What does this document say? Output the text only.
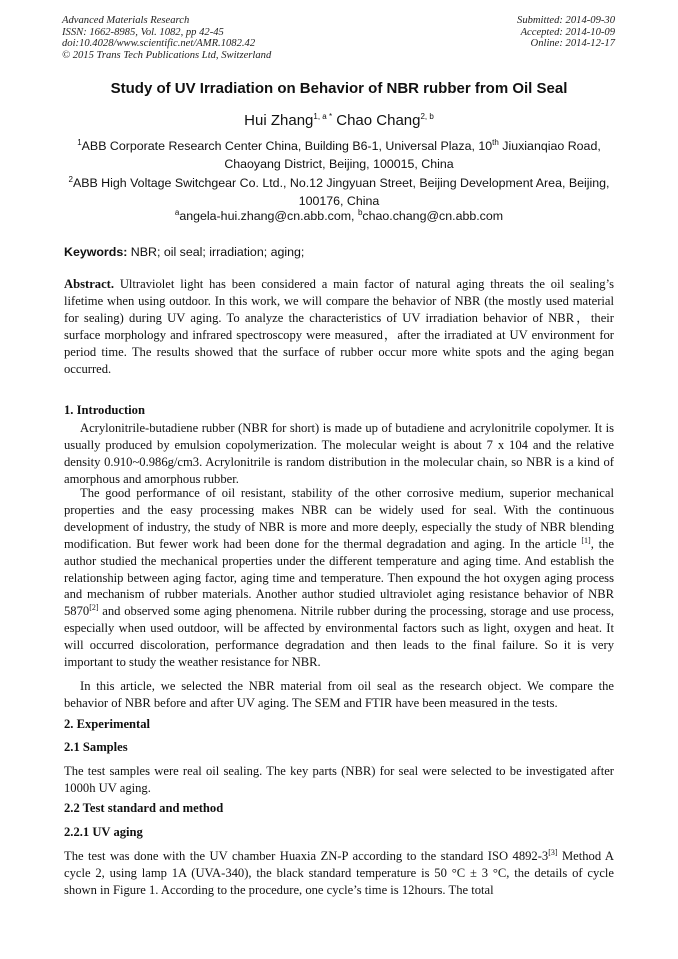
Advanced Materials Research
ISSN: 1662-8985, Vol. 1082, pp 42-45
doi:10.4028/www.scientific.net/AMR.1082.42
© 2015 Trans Tech Publications Ltd, Switzerland
Submitted: 2014-09-30
Accepted: 2014-10-09
Online: 2014-12-17
Study of UV Irradiation on Behavior of NBR rubber from Oil Seal
Hui Zhang$^{1, a *}$ Chao Chang$^{2, b}$
$^1$ABB Corporate Research Center China, Building B6-1, Universal Plaza, 10th Jiuxianqiao Road, Chaoyang District, Beijing, 100015, China
$^2$ABB High Voltage Switchgear Co. Ltd., No.12 Jingyuan Street, Beijing Development Area, Beijing, 100176, China
$^a$angela-hui.zhang@cn.abb.com, $^b$chao.chang@cn.abb.com
Keywords: NBR; oil seal; irradiation; aging;
Abstract. Ultraviolet light has been considered a main factor of natural aging threats the oil sealing’s lifetime when using outdoor. In this work, we will compare the behavior of NBR (the mostly used material for sealing) during UV aging. To analyze the characteristics of UV irradiation behavior of NBR，their surface morphology and infrared spectroscopy were measured，after the irradiated at UV environment for period time. The results showed that the surface of rubber occur more white spots and the aging began occurred.
1. Introduction
Acrylonitrile-butadiene rubber (NBR for short) is made up of butadiene and acrylonitrile copolymer. It is usually produced by emulsion copolymerization. The molecular weight is about 7 x 104 and the relative density 0.910~0.986g/cm3. Acrylonitrile is random distribution in the molecular chain, so NBR is a kind of amorphous and amorphous rubber.
The good performance of oil resistant, stability of the other corrosive medium, superior mechanical properties and the easy processing makes NBR can be widely used for seal. With the continuous development of industry, the study of NBR is more and more deeply, especially the study of NBR blending modification. But fewer work had been done for the thermal degradation and aging. In the article [1], the author studied the mechanical properties under the different temperature and aging time. And establish the relationship between aging factor, aging time and temperature. Then expound the hot oxygen aging process and mechanism of rubber materials. Another author studied ultraviolet aging resistance behavior of NBR 5870[2] and observed some aging phenomena. Nitrile rubber during the processing, storage and use process, especially when used outdoor, will be affected by environmental factors such as light, oxygen and heat. It will occurred discoloration, performance degradation and then leads to the final failure. So it is very important to study the weather resistance for NBR.
In this article, we selected the NBR material from oil seal as the research object. We compare the behavior of NBR before and after UV aging. The SEM and FTIR have been measured in the tests.
2. Experimental
2.1 Samples
The test samples were real oil sealing. The key parts (NBR) for seal were selected to be investigated after 1000h UV aging.
2.2 Test standard and method
2.2.1 UV aging
The test was done with the UV chamber Huaxia ZN-P according to the standard ISO 4892-3[3] Method A cycle 2, using lamp 1A (UVA-340), the black standard temperature is 50 °C ± 3 °C, the details of cycle shown in Figure 1. According to the procedure, one cycle’s time is 12hours. The total
